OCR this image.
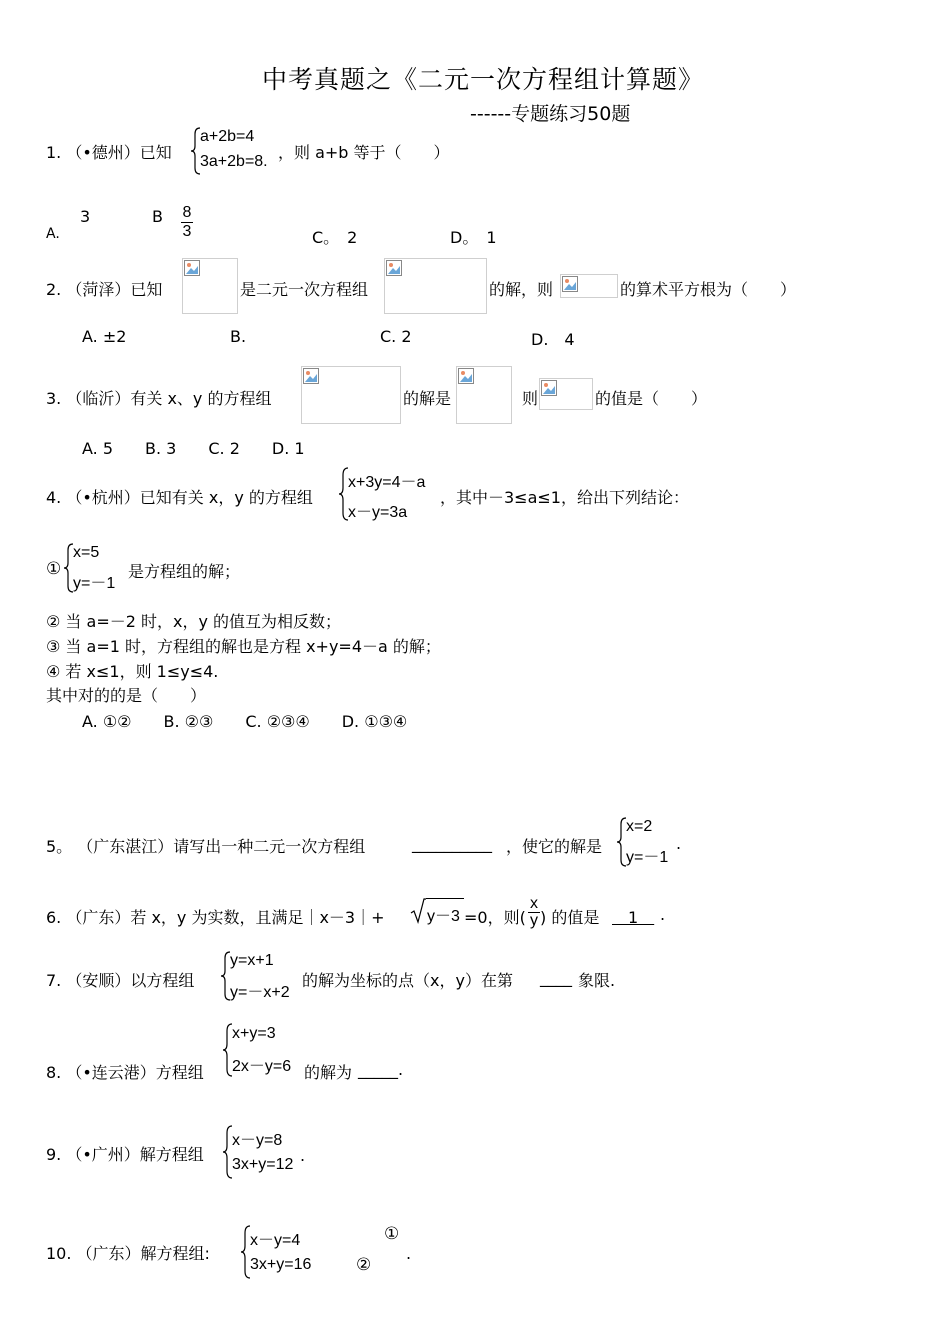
中考真题之《二元一次方程组计算题》
------专题练习50题
1. （•德州）已知
a+2b=4
3a+2b=8. ，则 a+b 等于（　　）
A.
3	B 8
3	C。　2	D。　1
2. （菏泽）已知	是二元一次方程组	的解，则	的算术平方根为（　　）
A. ±2	B.	C. 2	D.　4
3. （临沂）有关 x、y 的方程组	的解是	则	的值是（　　）
A. 5　　B. 3　　C. 2　　D. 1
4. （•杭州）已知有关 x，y 的方程组
x+3y=4－a
x－y=3a
，其中－3≤a≤1，给出下列结论：
①
x=5
y=－1
是方程组的解；
② 当 a=－2 时，x，y 的值互为相反数；
③ 当 a=1 时，方程组的解也是方程 x+y=4－a 的解；
④ 若 x≤1，则 1≤y≤4.
其中对的的是（　　）
A. ①②　　B. ②③　　C. ②③④　　D. ①③④
5。 （广东湛江）请写出一种二元一次方程组	__________ ，使它的解是
x=2
y=－1
.
6. （广东）若 x，y 为实数，且满足｜x－3｜+	y－3 =0，则(
x
y ) 的值是 　1　 .
7. （安顺）以方程组
y=x+1
y=－x+2
的解为坐标的点（x，y）在第 ____ 象限.
8. （•连云港）方程组
x+y=3
2x－y=6 的解为 _____.
9. （•广州）解方程组
x－y=8
3x+y=12 .
10. （广东）解方程组:
x－y=4
3x+y=16
①
②
.
